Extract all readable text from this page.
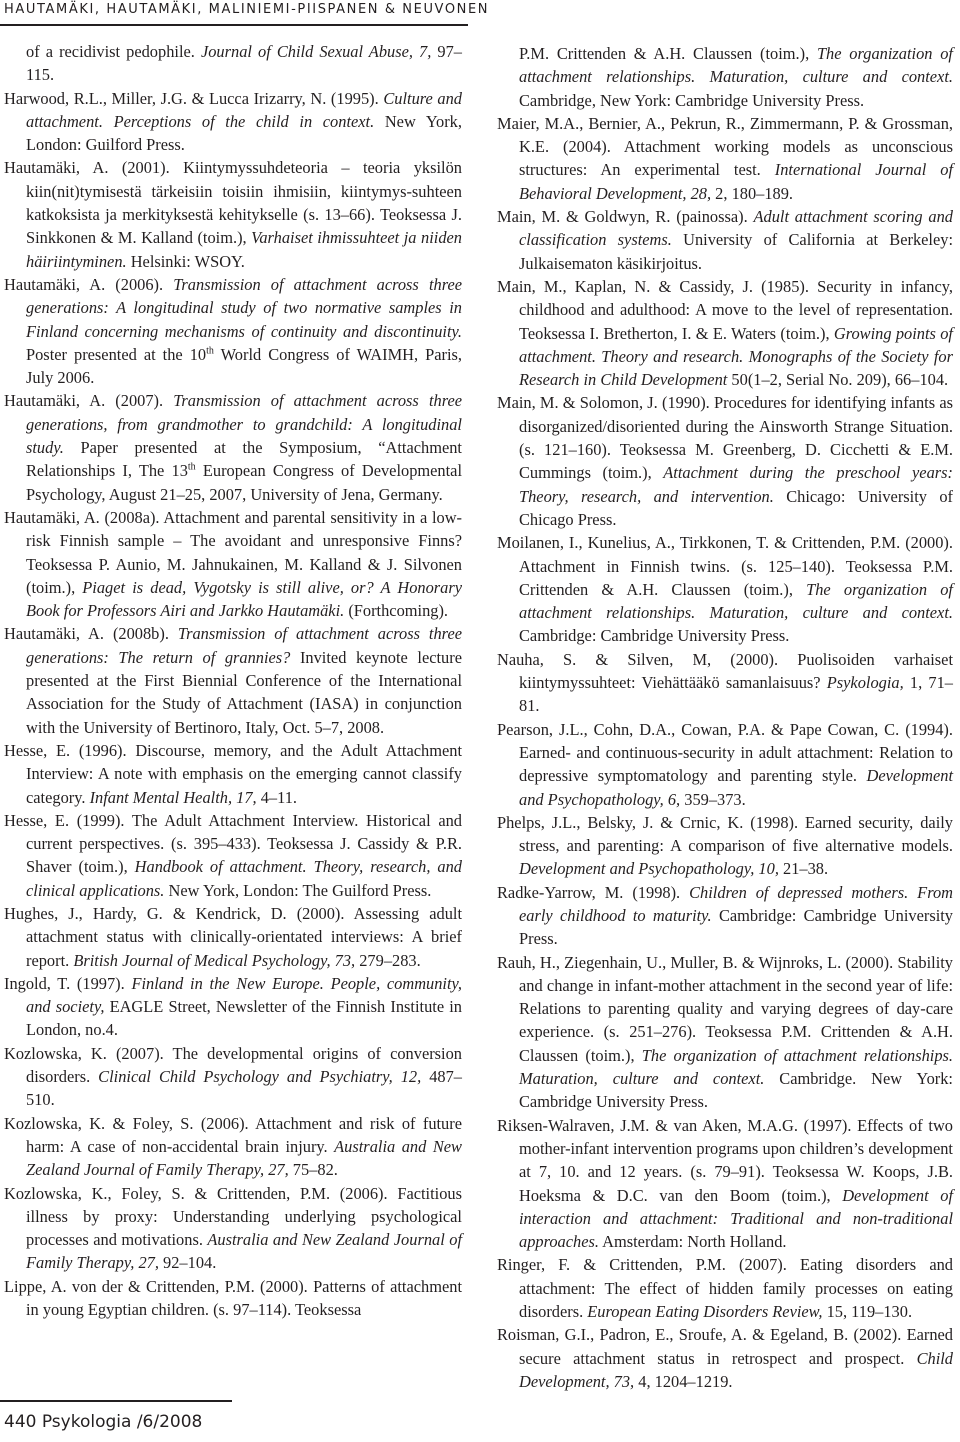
HAUTAMÄKI, HAUTAMÄKI, MALINIEMI-PIISPANEN & NEUVONEN

of a recidivist pedophile. Journal of Child Sexual Abuse, 7, 97–115.

Harwood, R.L., Miller, J.G. & Lucca Irizarry, N. (1995). Culture and attachment. Perceptions of the child in context. New York, London: Guilford Press.

Hautamäki, A. (2001). Kiintymyssuhdeteoria – teoria yksilön kiin(nit)tymisestä tärkeisiin toisiin ihmisiin, kiintymys-suhteen katkoksista ja merkityksestä kehitykselle (s. 13–66). Teoksessa J. Sinkkonen & M. Kalland (toim.), Varhaiset ihmissuhteet ja niiden häiriintyminen. Helsinki: WSOY.

Hautamäki, A. (2006). Transmission of attachment across three generations: A longitudinal study of two normative samples in Finland concerning mechanisms of continuity and discontinuity. Poster presented at the 10th World Congress of WAIMH, Paris, July 2006.

Hautamäki, A. (2007). Transmission of attachment across three generations, from grandmother to grandchild: A longitudinal study. Paper presented at the Symposium, “Attachment Relationships I, The 13th European Congress of Developmental Psychology, August 21–25, 2007, University of Jena, Germany.

Hautamäki, A. (2008a). Attachment and parental sensitivity in a low-risk Finnish sample – The avoidant and unresponsive Finns? Teoksessa P. Aunio, M. Jahnukainen, M. Kalland & J. Silvonen (toim.), Piaget is dead, Vygotsky is still alive, or? A Honorary Book for Professors Airi and Jarkko Hautamäki. (Forthcoming).

Hautamäki, A. (2008b). Transmission of attachment across three generations: The return of grannies? Invited keynote lecture presented at the First Biennial Conference of the International Association for the Study of Attachment (IASA) in conjunction with the University of Bertinoro, Italy, Oct. 5–7, 2008.

Hesse, E. (1996). Discourse, memory, and the Adult Attachment Interview: A note with emphasis on the emerging cannot classify category. Infant Mental Health, 17, 4–11.

Hesse, E. (1999). The Adult Attachment Interview. Historical and current perspectives. (s. 395–433). Teoksessa J. Cassidy & P.R. Shaver (toim.), Handbook of attachment. Theory, research, and clinical applications. New York, London: The Guilford Press.

Hughes, J., Hardy, G. & Kendrick, D. (2000). Assessing adult attachment status with clinically-orientated interviews: A brief report. British Journal of Medical Psychology, 73, 279–283.

Ingold, T. (1997). Finland in the New Europe. People, community, and society, EAGLE Street, Newsletter of the Finnish Institute in London, no.4.

Kozlowska, K. (2007). The developmental origins of conversion disorders. Clinical Child Psychology and Psychiatry, 12, 487–510.

Kozlowska, K. & Foley, S. (2006). Attachment and risk of future harm: A case of non-accidental brain injury. Australia and New Zealand Journal of Family Therapy, 27, 75–82.

Kozlowska, K., Foley, S. & Crittenden, P.M. (2006). Factitious illness by proxy: Understanding underlying psychological processes and motivations. Australia and New Zealand Journal of Family Therapy, 27, 92–104.

Lippe, A. von der & Crittenden, P.M. (2000). Patterns of attachment in young Egyptian children. (s. 97–114). Teoksessa

P.M. Crittenden & A.H. Claussen (toim.), The organization of attachment relationships. Maturation, culture and context. Cambridge, New York: Cambridge University Press.

Maier, M.A., Bernier, A., Pekrun, R., Zimmermann, P. & Grossman, K.E. (2004). Attachment working models as unconscious structures: An experimental test. International Journal of Behavioral Development, 28, 2, 180–189.

Main, M. & Goldwyn, R. (painossa). Adult attachment scoring and classification systems. University of California at Berkeley: Julkaisematon käsikirjoitus.

Main, M., Kaplan, N. & Cassidy, J. (1985). Security in infancy, childhood and adulthood: A move to the level of representation. Teoksessa I. Bretherton, I. & E. Waters (toim.), Growing points of attachment. Theory and research. Monographs of the Society for Research in Child Development 50(1–2, Serial No. 209), 66–104.

Main, M. & Solomon, J. (1990). Procedures for identifying infants as disorganized/disoriented during the Ainsworth Strange Situation. (s. 121–160). Teoksessa M. Greenberg, D. Cicchetti & E.M. Cummings (toim.), Attachment during the preschool years: Theory, research, and intervention. Chicago: University of Chicago Press.

Moilanen, I., Kunelius, A., Tirkkonen, T. & Crittenden, P.M. (2000). Attachment in Finnish twins. (s. 125–140). Teoksessa P.M. Crittenden & A.H. Claussen (toim.), The organization of attachment relationships. Maturation, culture and context. Cambridge: Cambridge University Press.

Nauha, S. & Silven, M, (2000). Puolisoiden varhaiset kiintymyssuhteet: Viehättääkö samanlaisuus? Psykologia, 1, 71–81.

Pearson, J.L., Cohn, D.A., Cowan, P.A. & Pape Cowan, C. (1994). Earned- and continuous-security in adult attachment: Relation to depressive symptomatology and parenting style. Development and Psychopathology, 6, 359–373.

Phelps, J.L., Belsky, J. & Crnic, K. (1998). Earned security, daily stress, and parenting: A comparison of five alternative models. Development and Psychopathology, 10, 21–38.

Radke-Yarrow, M. (1998). Children of depressed mothers. From early childhood to maturity. Cambridge: Cambridge University Press.

Rauh, H., Ziegenhain, U., Muller, B. & Wijnroks, L. (2000). Stability and change in infant-mother attachment in the second year of life: Relations to parenting quality and varying degrees of day-care experience. (s. 251–276). Teoksessa P.M. Crittenden & A.H. Claussen (toim.), The organization of attachment relationships. Maturation, culture and context. Cambridge. New York: Cambridge University Press.

Riksen-Walraven, J.M. & van Aken, M.A.G. (1997). Effects of two mother-infant intervention programs upon children’s development at 7, 10. and 12 years. (s. 79–91). Teoksessa W. Koops, J.B. Hoeksma & D.C. van den Boom (toim.), Development of interaction and attachment: Traditional and non-traditional approaches. Amsterdam: North Holland.

Ringer, F. & Crittenden, P.M. (2007). Eating disorders and attachment: The effect of hidden family processes on eating disorders. European Eating Disorders Review, 15, 119–130.

Roisman, G.I., Padron, E., Sroufe, A. & Egeland, B. (2002). Earned secure attachment status in retrospect and prospect. Child Development, 73, 4, 1204–1219.

440 Psykologia /6/2008
